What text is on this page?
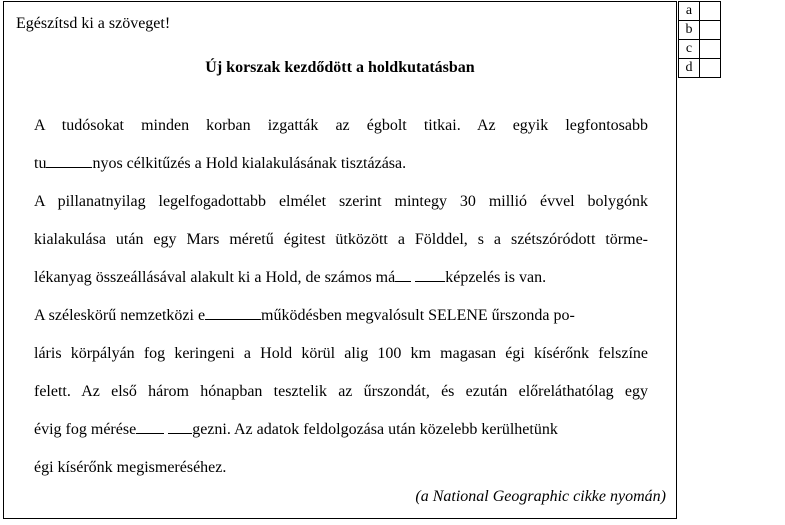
Egészítsd ki a szöveget!
Új korszak kezdődött a holdkutatásban
A tudósokat minden korban izgatták az égbolt titkai. Az egyik legfontosabb
tu	nyos célkitűzés a Hold kialakulásának tisztázása.
A pillanatnyilag legelfogadottabb elmélet szerint mintegy 30 millió évvel bolygónk
kialakulása után egy Mars méretű égitest ütközött a Földdel, s a szétszóródott törme-
lékanyag összeállásával alakult ki a Hold, de számos má	képzelés is van.
A széleskörű nemzetközi e	működésben megvalósult SELENE űrszonda po-
láris körpályán fog keringeni a Hold körül alig 100 km magasan égi kísérőnk felszíne
felett. Az első három hónapban tesztelik az űrszondát, és ezután előreláthatólag egy
évig fog mérése	gezni. Az adatok feldolgozása után közelebb kerülhetünk
égi kísérőnk megismeréséhez.
(a National Geographic cikke nyomán)
a	
b	
c	
d	
